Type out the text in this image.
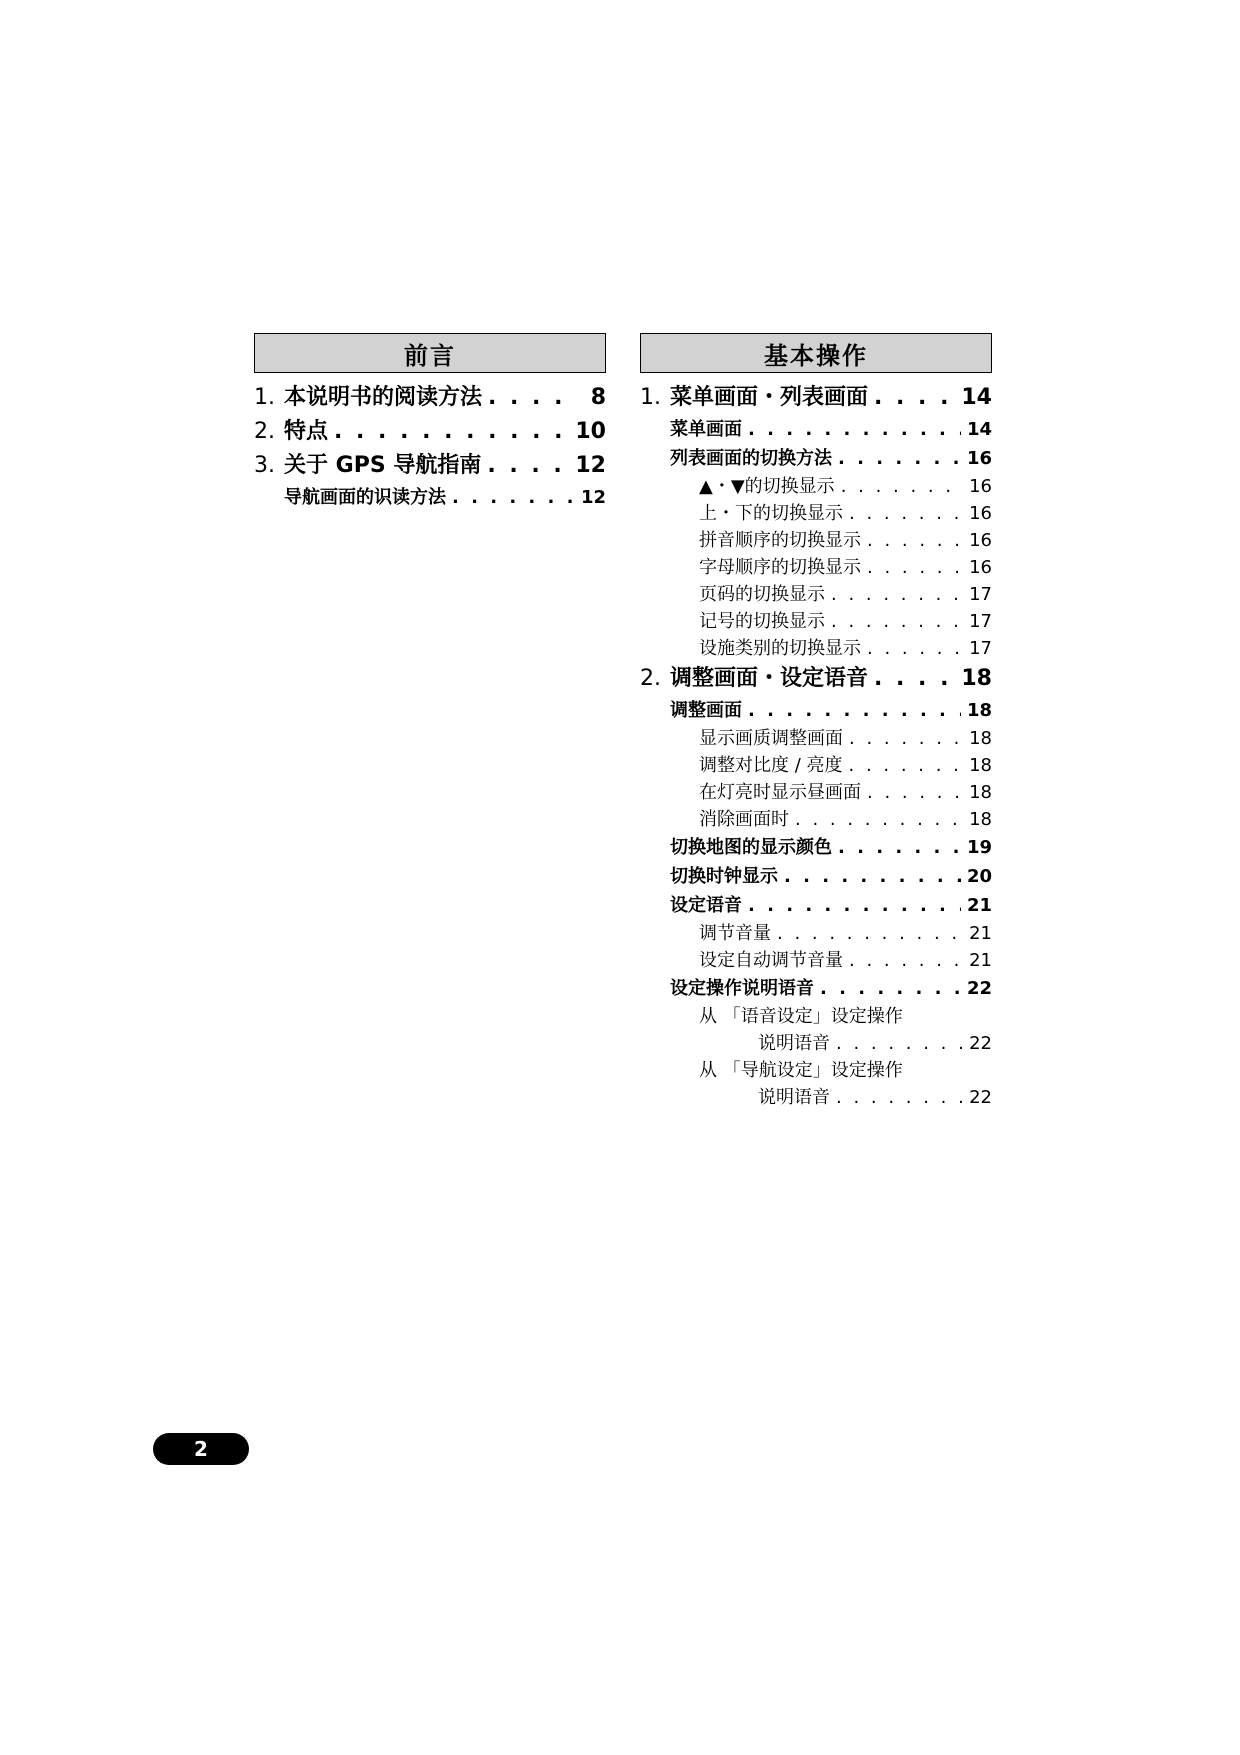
前言
1. 本说明书的阅读方法 . . .	8
2. 特点 . . .	10
3. 关于 GPS 导航指南 . . .	12
导航画面的识读方法 . . .	12
基本操作
1. 菜单画面・列表画面 . . .	14
菜单画面 . . .	14
列表画面的切换方法 . . .	16
▲・▼的切换显示 . . .	16
上・下的切换显示 . . .	16
拼音顺序的切换显示 . . .	16
字母顺序的切换显示 . . .	16
页码的切换显示 . . .	17
记号的切换显示 . . .	17
设施类别的切换显示 . . .	17
2. 调整画面・设定语音 . . .	18
调整画面 . . .	18
显示画质调整画面 . . .	18
调整对比度 / 亮度 . . .	18
在灯亮时显示昼画面 . . .	18
消除画面时 . . .	18
切换地图的显示颜色 . . .	19
切换时钟显示 . . .	20
设定语音 . . .	21
调节音量 . . .	21
设定自动调节音量 . . .	21
设定操作说明语音 . . .	22
从 「语音设定」设定操作
说明语音 . . .	22
从 「导航设定」设定操作
说明语音 . . .	22
2
